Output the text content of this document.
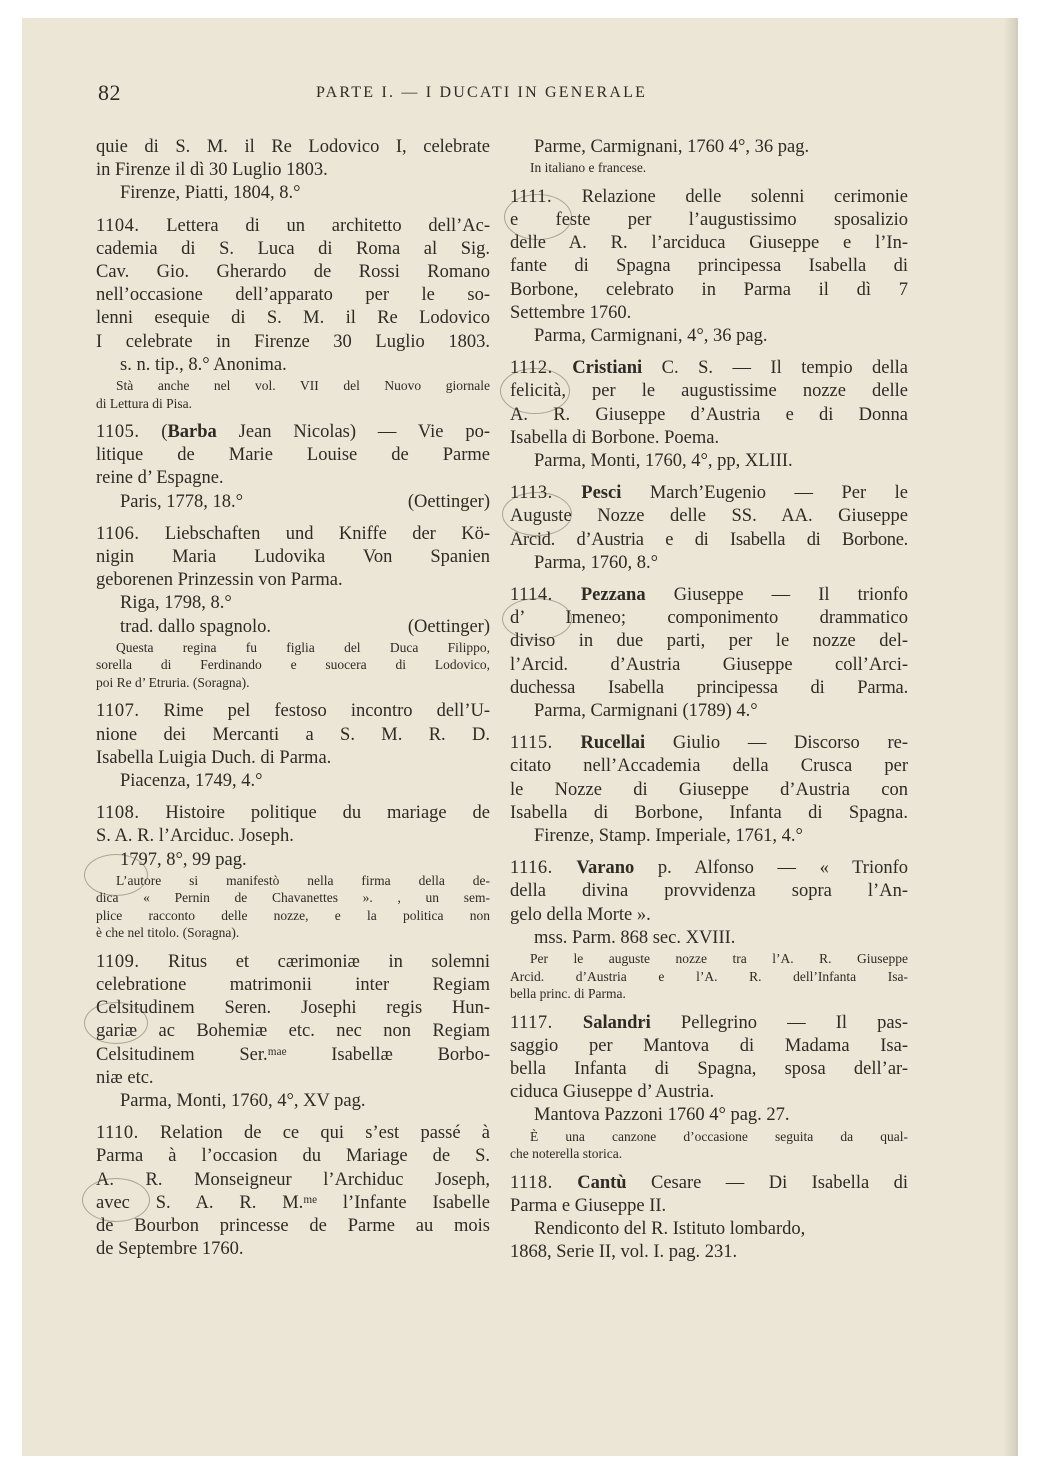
82	PARTE I. — I DUCATI IN GENERALE
quie di S. M. il Re Lodovico I, celebrate
in Firenze il dì 30 Luglio 1803.
Firenze, Piatti, 1804, 8.°
1104. Lettera di un architetto dell’Ac-
cademia di S. Luca di Roma al Sig.
Cav. Gio. Gherardo de Rossi Romano
nell’occasione dell’apparato per le so-
lenni esequie di S. M. il Re Lodovico
I celebrate in Firenze 30 Luglio 1803.
s. n. tip., 8.° Anonima.
Stà anche nel vol. VII del Nuovo giornale
di Lettura di Pisa.
1105. (Barba Jean Nicolas) — Vie po-
litique de Marie Louise de Parme
reine d’ Espagne.
Paris, 1778, 18.°	(Oettinger)
1106. Liebschaften und Kniffe der Kö-
nigin Maria Ludovika Von Spanien
geborenen Prinzessin von Parma.
Riga, 1798, 8.°
trad. dallo spagnolo.	(Oettinger)
Questa regina fu figlia del Duca Filippo,
sorella di Ferdinando e suocera di Lodovico,
poi Re d’ Etruria. (Soragna).
1107. Rime pel festoso incontro dell’U-
nione dei Mercanti a S. M. R. D.
Isabella Luigia Duch. di Parma.
Piacenza, 1749, 4.°
1108. Histoire politique du mariage de
S. A. R. l’Arciduc. Joseph.
1797, 8°, 99 pag.
L’autore si manifestò nella firma della de-
dica « Pernin de Chavanettes ». , un sem-
plice racconto delle nozze, e la politica non
è che nel titolo. (Soragna).
1109. Ritus et cærimoniæ in solemni
celebratione matrimonii inter Regiam
Celsitudinem Seren. Josephi regis Hun-
gariæ ac Bohemiæ etc. nec non Regiam
Celsitudinem Ser.ᵐᵃᵉ Isabellæ Borbo-
niæ etc.
Parma, Monti, 1760, 4°, XV pag.
1110. Relation de ce qui s’est passé à
Parma à l’occasion du Mariage de S.
A. R. Monseigneur l’Archiduc Joseph,
avec S. A. R. M.ᵐᵉ l’Infante Isabelle
de Bourbon princesse de Parme au mois
de Septembre 1760.
Parme, Carmignani, 1760 4°, 36 pag.
In italiano e francese.
1111. Relazione delle solenni cerimonie
e feste per l’augustissimo sposalizio
delle A. R. l’arciduca Giuseppe e l’In-
fante di Spagna principessa Isabella di
Borbone, celebrato in Parma il dì 7
Settembre 1760.
Parma, Carmignani, 4°, 36 pag.
1112. Cristiani C. S. — Il tempio della
felicità, per le augustissime nozze delle
A. R. Giuseppe d’Austria e di Donna
Isabella di Borbone. Poema.
Parma, Monti, 1760, 4°, pp, XLIII.
1113. Pesci March’Eugenio — Per le
Auguste Nozze delle SS. AA. Giuseppe
Arcid. d’Austria e di Isabella di Borbone.
Parma, 1760, 8.°
1114. Pezzana Giuseppe — Il trionfo
d’ Imeneo; componimento drammatico
diviso in due parti, per le nozze del-
l’Arcid. d’Austria Giuseppe coll’Arci-
duchessa Isabella principessa di Parma.
Parma, Carmignani (1789) 4.°
1115. Rucellai Giulio — Discorso re-
citato nell’Accademia della Crusca per
le Nozze di Giuseppe d’Austria con
Isabella di Borbone, Infanta di Spagna.
Firenze, Stamp. Imperiale, 1761, 4.°
1116. Varano p. Alfonso — « Trionfo
della divina provvidenza sopra l’An-
gelo della Morte ».
mss. Parm. 868 sec. XVIII.
Per le auguste nozze tra l’A. R. Giuseppe
Arcid. d’Austria e l’A. R. dell’Infanta Isa-
bella princ. di Parma.
1117. Salandri Pellegrino — Il pas-
saggio per Mantova di Madama Isa-
bella Infanta di Spagna, sposa dell’ar-
ciduca Giuseppe d’ Austria.
Mantova Pazzoni 1760 4° pag. 27.
È una canzone d’occasione seguita da qual-
che noterella storica.
1118. Cantù Cesare — Di Isabella di
Parma e Giuseppe II.
Rendiconto del R. Istituto lombardo,
1868, Serie II, vol. I. pag. 231.
